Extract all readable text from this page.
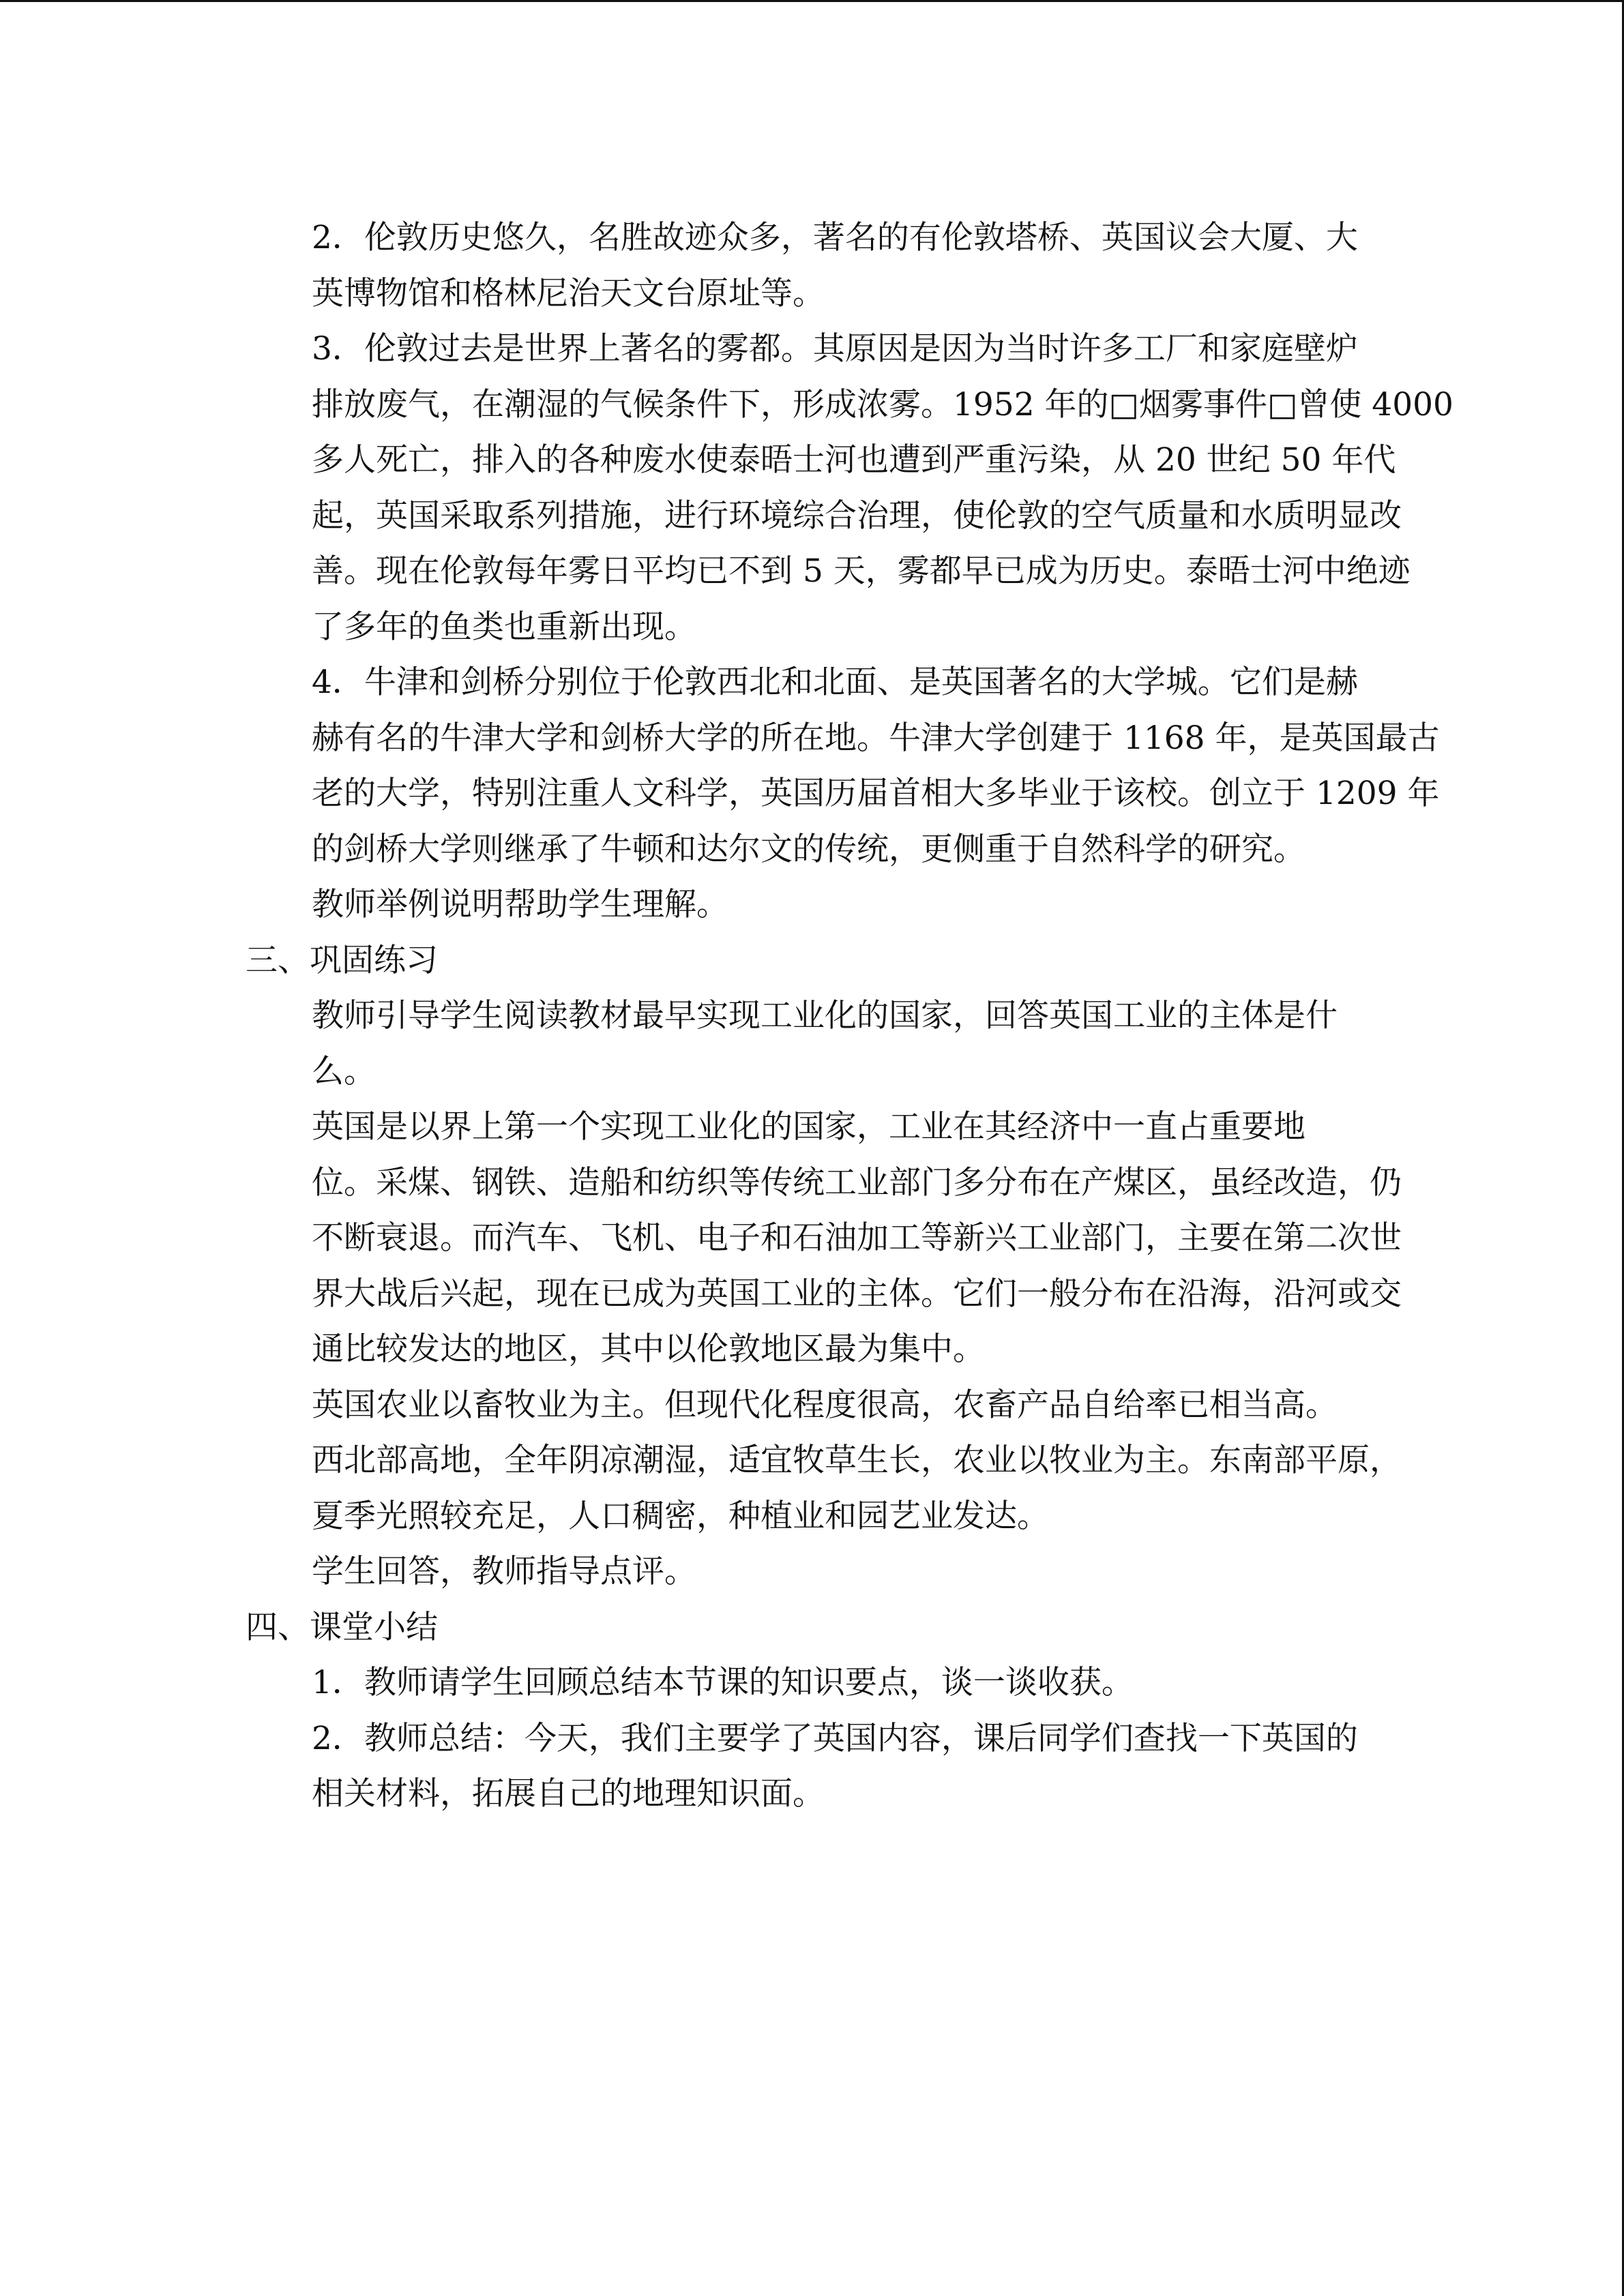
2．伦敦历史悠久，名胜故迹众多，著名的有伦敦塔桥、英国议会大厦、大
英博物馆和格林尼治天文台原址等。

3．伦敦过去是世界上著名的雾都。其原因是因为当时许多工厂和家庭壁炉
排放废气，在潮湿的气候条件下，形成浓雾。1952 年的□烟雾事件□曾使 4000
多人死亡，排入的各种废水使泰晤士河也遭到严重污染，从 20 世纪 50 年代
起，英国采取系列措施，进行环境综合治理，使伦敦的空气质量和水质明显改
善。现在伦敦每年雾日平均已不到 5 天，雾都早已成为历史。泰晤士河中绝迹
了多年的鱼类也重新出现。

4．牛津和剑桥分别位于伦敦西北和北面、是英国著名的大学城。它们是赫
赫有名的牛津大学和剑桥大学的所在地。牛津大学创建于 1168 年，是英国最古
老的大学，特别注重人文科学，英国历届首相大多毕业于该校。创立于 1209 年
的剑桥大学则继承了牛顿和达尔文的传统，更侧重于自然科学的研究。

教师举例说明帮助学生理解。

三、巩固练习

教师引导学生阅读教材最早实现工业化的国家，回答英国工业的主体是什
么。

英国是以界上第一个实现工业化的国家，工业在其经济中一直占重要地
位。采煤、钢铁、造船和纺织等传统工业部门多分布在产煤区，虽经改造，仍
不断衰退。而汽车、飞机、电子和石油加工等新兴工业部门，主要在第二次世
界大战后兴起，现在已成为英国工业的主体。它们一般分布在沿海，沿河或交
通比较发达的地区，其中以伦敦地区最为集中。

英国农业以畜牧业为主。但现代化程度很高，农畜产品自给率已相当高。
西北部高地，全年阴凉潮湿，适宜牧草生长，农业以牧业为主。东南部平原，
夏季光照较充足，人口稠密，种植业和园艺业发达。

学生回答，教师指导点评。

四、课堂小结

1．教师请学生回顾总结本节课的知识要点，谈一谈收获。

2．教师总结：今天，我们主要学了英国内容，课后同学们查找一下英国的
相关材料，拓展自己的地理知识面。
